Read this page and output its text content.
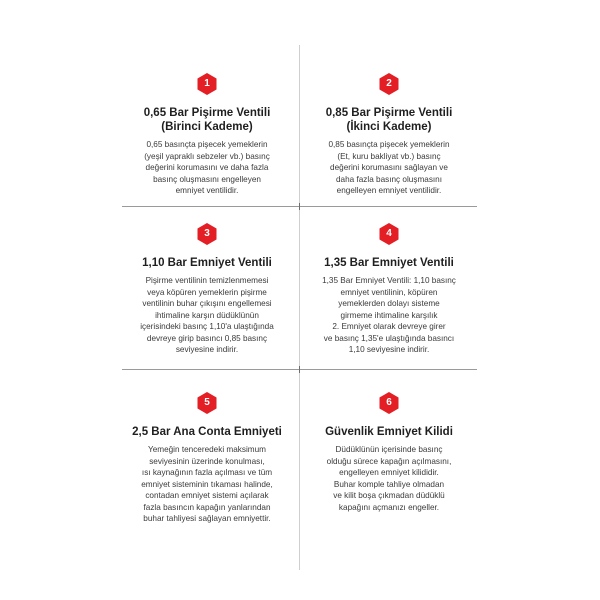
1
0,65 Bar Pişirme Ventili
(Birinci Kademe)
0,65 basınçta pişecek yemeklerin
(yeşil yapraklı sebzeler vb.) basınç
değerini korumasını ve daha fazla
basınç oluşmasını engelleyen
emniyet ventilidir.
2
0,85 Bar Pişirme Ventili
(İkinci Kademe)
0,85 basınçta pişecek yemeklerin
(Et, kuru bakliyat vb.) basınç
değerini korumasını sağlayan ve
daha fazla basınç oluşmasını
engelleyen emniyet ventilidir.
3
1,10 Bar Emniyet Ventili
Pişirme ventilinin temizlenmemesi
veya köpüren yemeklerin pişirme
ventilinin buhar çıkışını engellemesi
ihtimaline karşın düdüklünün
içerisindeki basınç 1,10'a ulaştığında
devreye girip basıncı 0,85 basınç
seviyesine indirir.
4
1,35 Bar Emniyet Ventili
1,35 Bar Emniyet Ventili: 1,10 basınç
emniyet ventilinin, köpüren
yemeklerden dolayı sisteme
girmeme ihtimaline karşılık
2. Emniyet olarak devreye girer
ve basınç 1,35'e ulaştığında basıncı
1,10 seviyesine indirir.
5
2,5 Bar Ana Conta Emniyeti
Yemeğin tenceredeki maksimum
seviyesinin üzerinde konulması,
ısı kaynağının fazla açılması ve tüm
emniyet sisteminin tıkaması halinde,
contadan emniyet sistemi açılarak
fazla basıncın kapağın yanlarından
buhar tahliyesi sağlayan emniyettir.
6
Güvenlik Emniyet Kilidi
Düdüklünün içerisinde basınç
olduğu sürece kapağın açılmasını,
engelleyen emniyet kilididir.
Buhar komple tahliye olmadan
ve kilit boşa çıkmadan düdüklü
kapağını açmanızı engeller.
